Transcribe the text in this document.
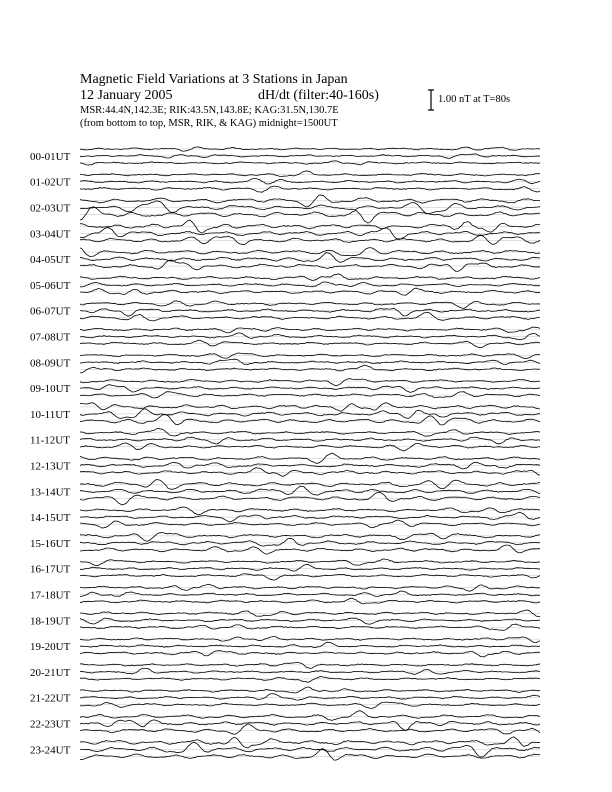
Magnetic Field Variations at 3 Stations in Japan
12 January 2005	dH/dt (filter:40-160s)
MSR:44.4N,142.3E; RIK:43.5N,143.8E; KAG:31.5N,130.7E
(from bottom to top, MSR, RIK, & KAG) midnight=1500UT
1.00 nT at T=80s
00-01UT
01-02UT
02-03UT
03-04UT
04-05UT
05-06UT
06-07UT
07-08UT
08-09UT
09-10UT
10-11UT
11-12UT
12-13UT
13-14UT
14-15UT
15-16UT
16-17UT
17-18UT
18-19UT
19-20UT
20-21UT
21-22UT
22-23UT
23-24UT
